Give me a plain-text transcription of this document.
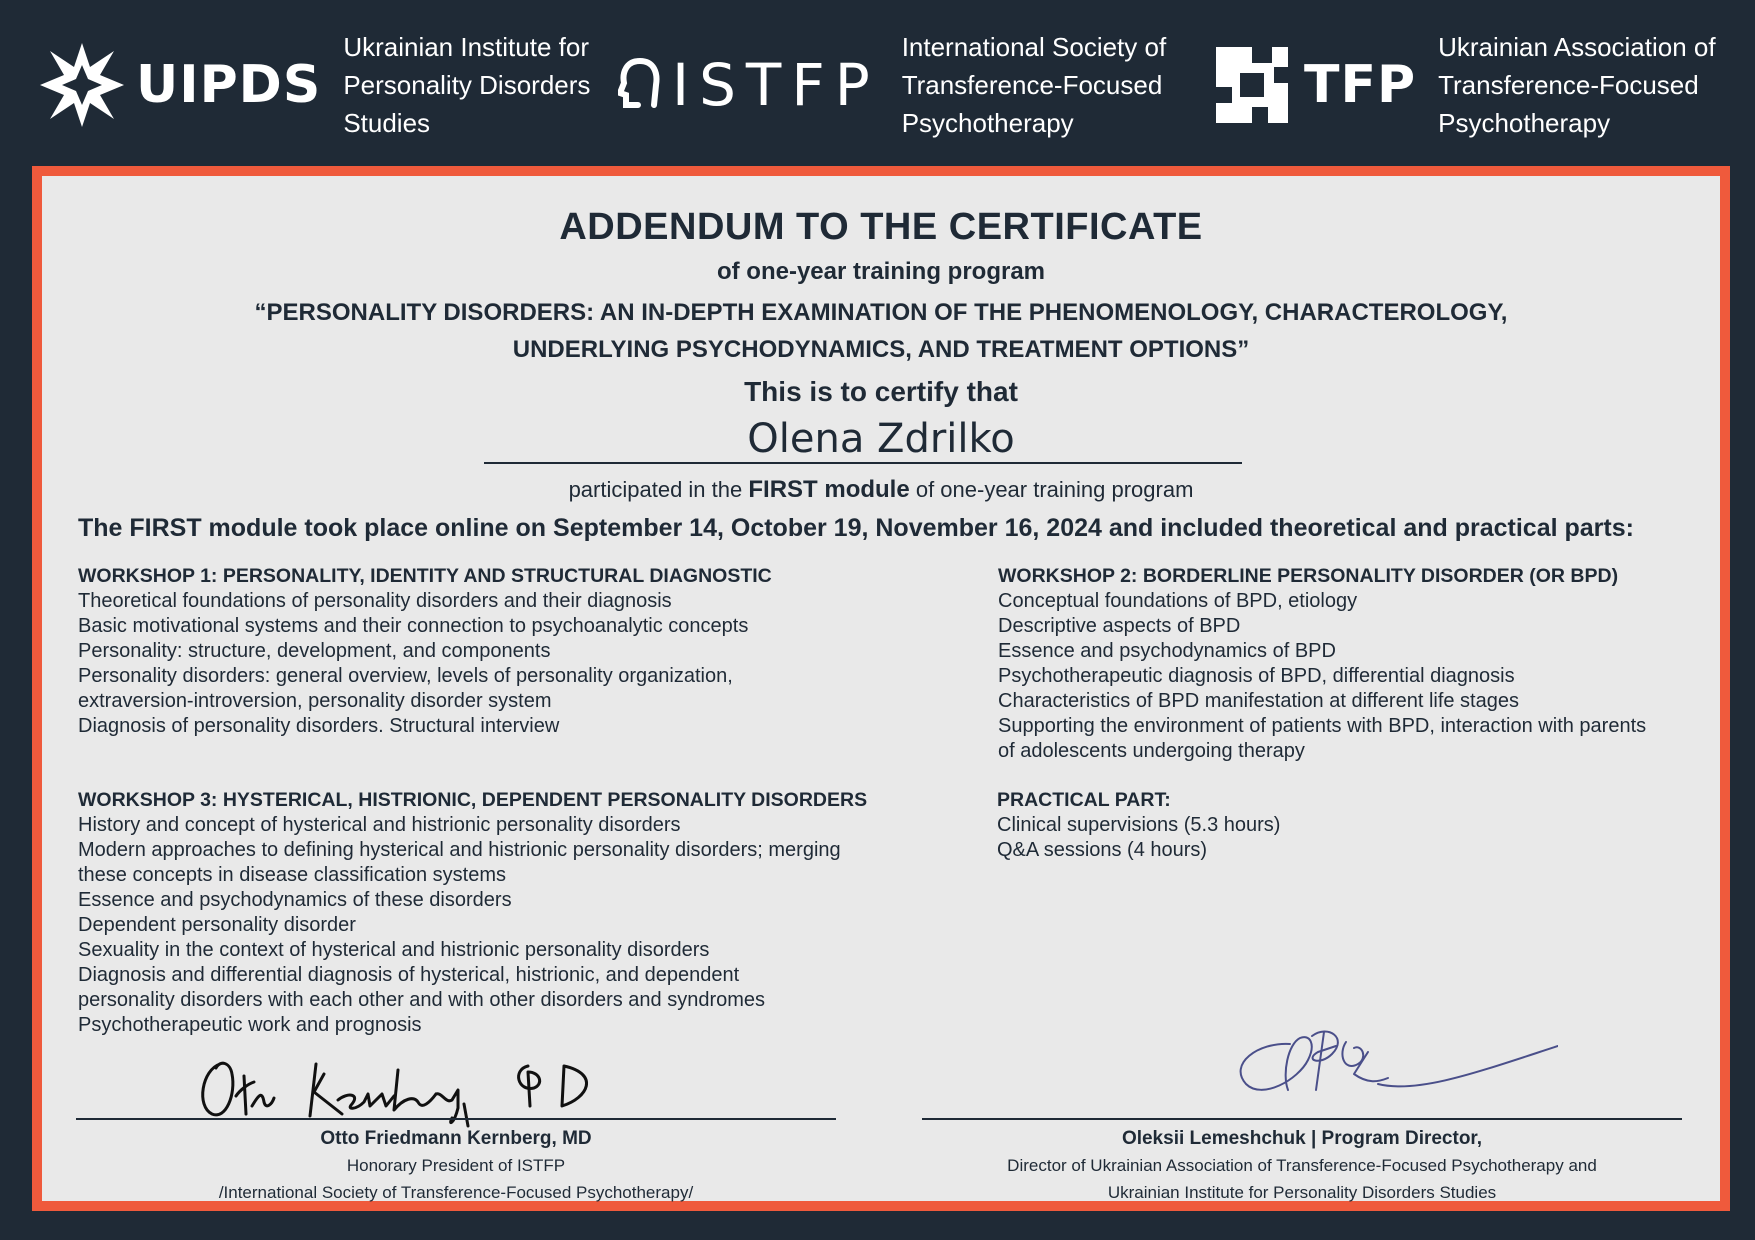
UIPDS
Ukrainian Institute for
Personality Disorders
Studies
ISTFP
International Society of
Transference-Focused
Psychotherapy
TFP
Ukrainian Association of
Transference-Focused
Psychotherapy
ADDENDUM TO THE CERTIFICATE
of one-year training program
“PERSONALITY DISORDERS: AN IN-DEPTH EXAMINATION OF THE PHENOMENOLOGY, CHARACTEROLOGY,
UNDERLYING PSYCHODYNAMICS, AND TREATMENT OPTIONS”
This is to certify that
Olena Zdrilko
participated in the FIRST module of one-year training program
The FIRST module took place online on September 14, October 19, November 16, 2024 and included theoretical and practical parts:
WORKSHOP 1: PERSONALITY, IDENTITY AND STRUCTURAL DIAGNOSTIC
Theoretical foundations of personality disorders and their diagnosis
Basic motivational systems and their connection to psychoanalytic concepts
Personality: structure, development, and components
Personality disorders: general overview, levels of personality organization,
extraversion-introversion, personality disorder system
Diagnosis of personality disorders. Structural interview
WORKSHOP 2: BORDERLINE PERSONALITY DISORDER (OR BPD)
Conceptual foundations of BPD, etiology
Descriptive aspects of BPD
Essence and psychodynamics of BPD
Psychotherapeutic diagnosis of BPD, differential diagnosis
Characteristics of BPD manifestation at different life stages
Supporting the environment of patients with BPD, interaction with parents
of adolescents undergoing therapy
WORKSHOP 3: HYSTERICAL, HISTRIONIC, DEPENDENT PERSONALITY DISORDERS
History and concept of hysterical and histrionic personality disorders
Modern approaches to defining hysterical and histrionic personality disorders; merging
these concepts in disease classification systems
Essence and psychodynamics of these disorders
Dependent personality disorder
Sexuality in the context of hysterical and histrionic personality disorders
Diagnosis and differential diagnosis of hysterical, histrionic, and dependent
personality disorders with each other and with other disorders and syndromes
Psychotherapeutic work and prognosis
PRACTICAL PART:
Clinical supervisions (5.3 hours)
Q&A sessions (4 hours)
Otto Friedmann Kernberg, MD
Honorary President of ISTFP
/International Society of Transference-Focused Psychotherapy/
Oleksii Lemeshchuk | Program Director,
Director of Ukrainian Association of Transference-Focused Psychotherapy and
Ukrainian Institute for Personality Disorders Studies
